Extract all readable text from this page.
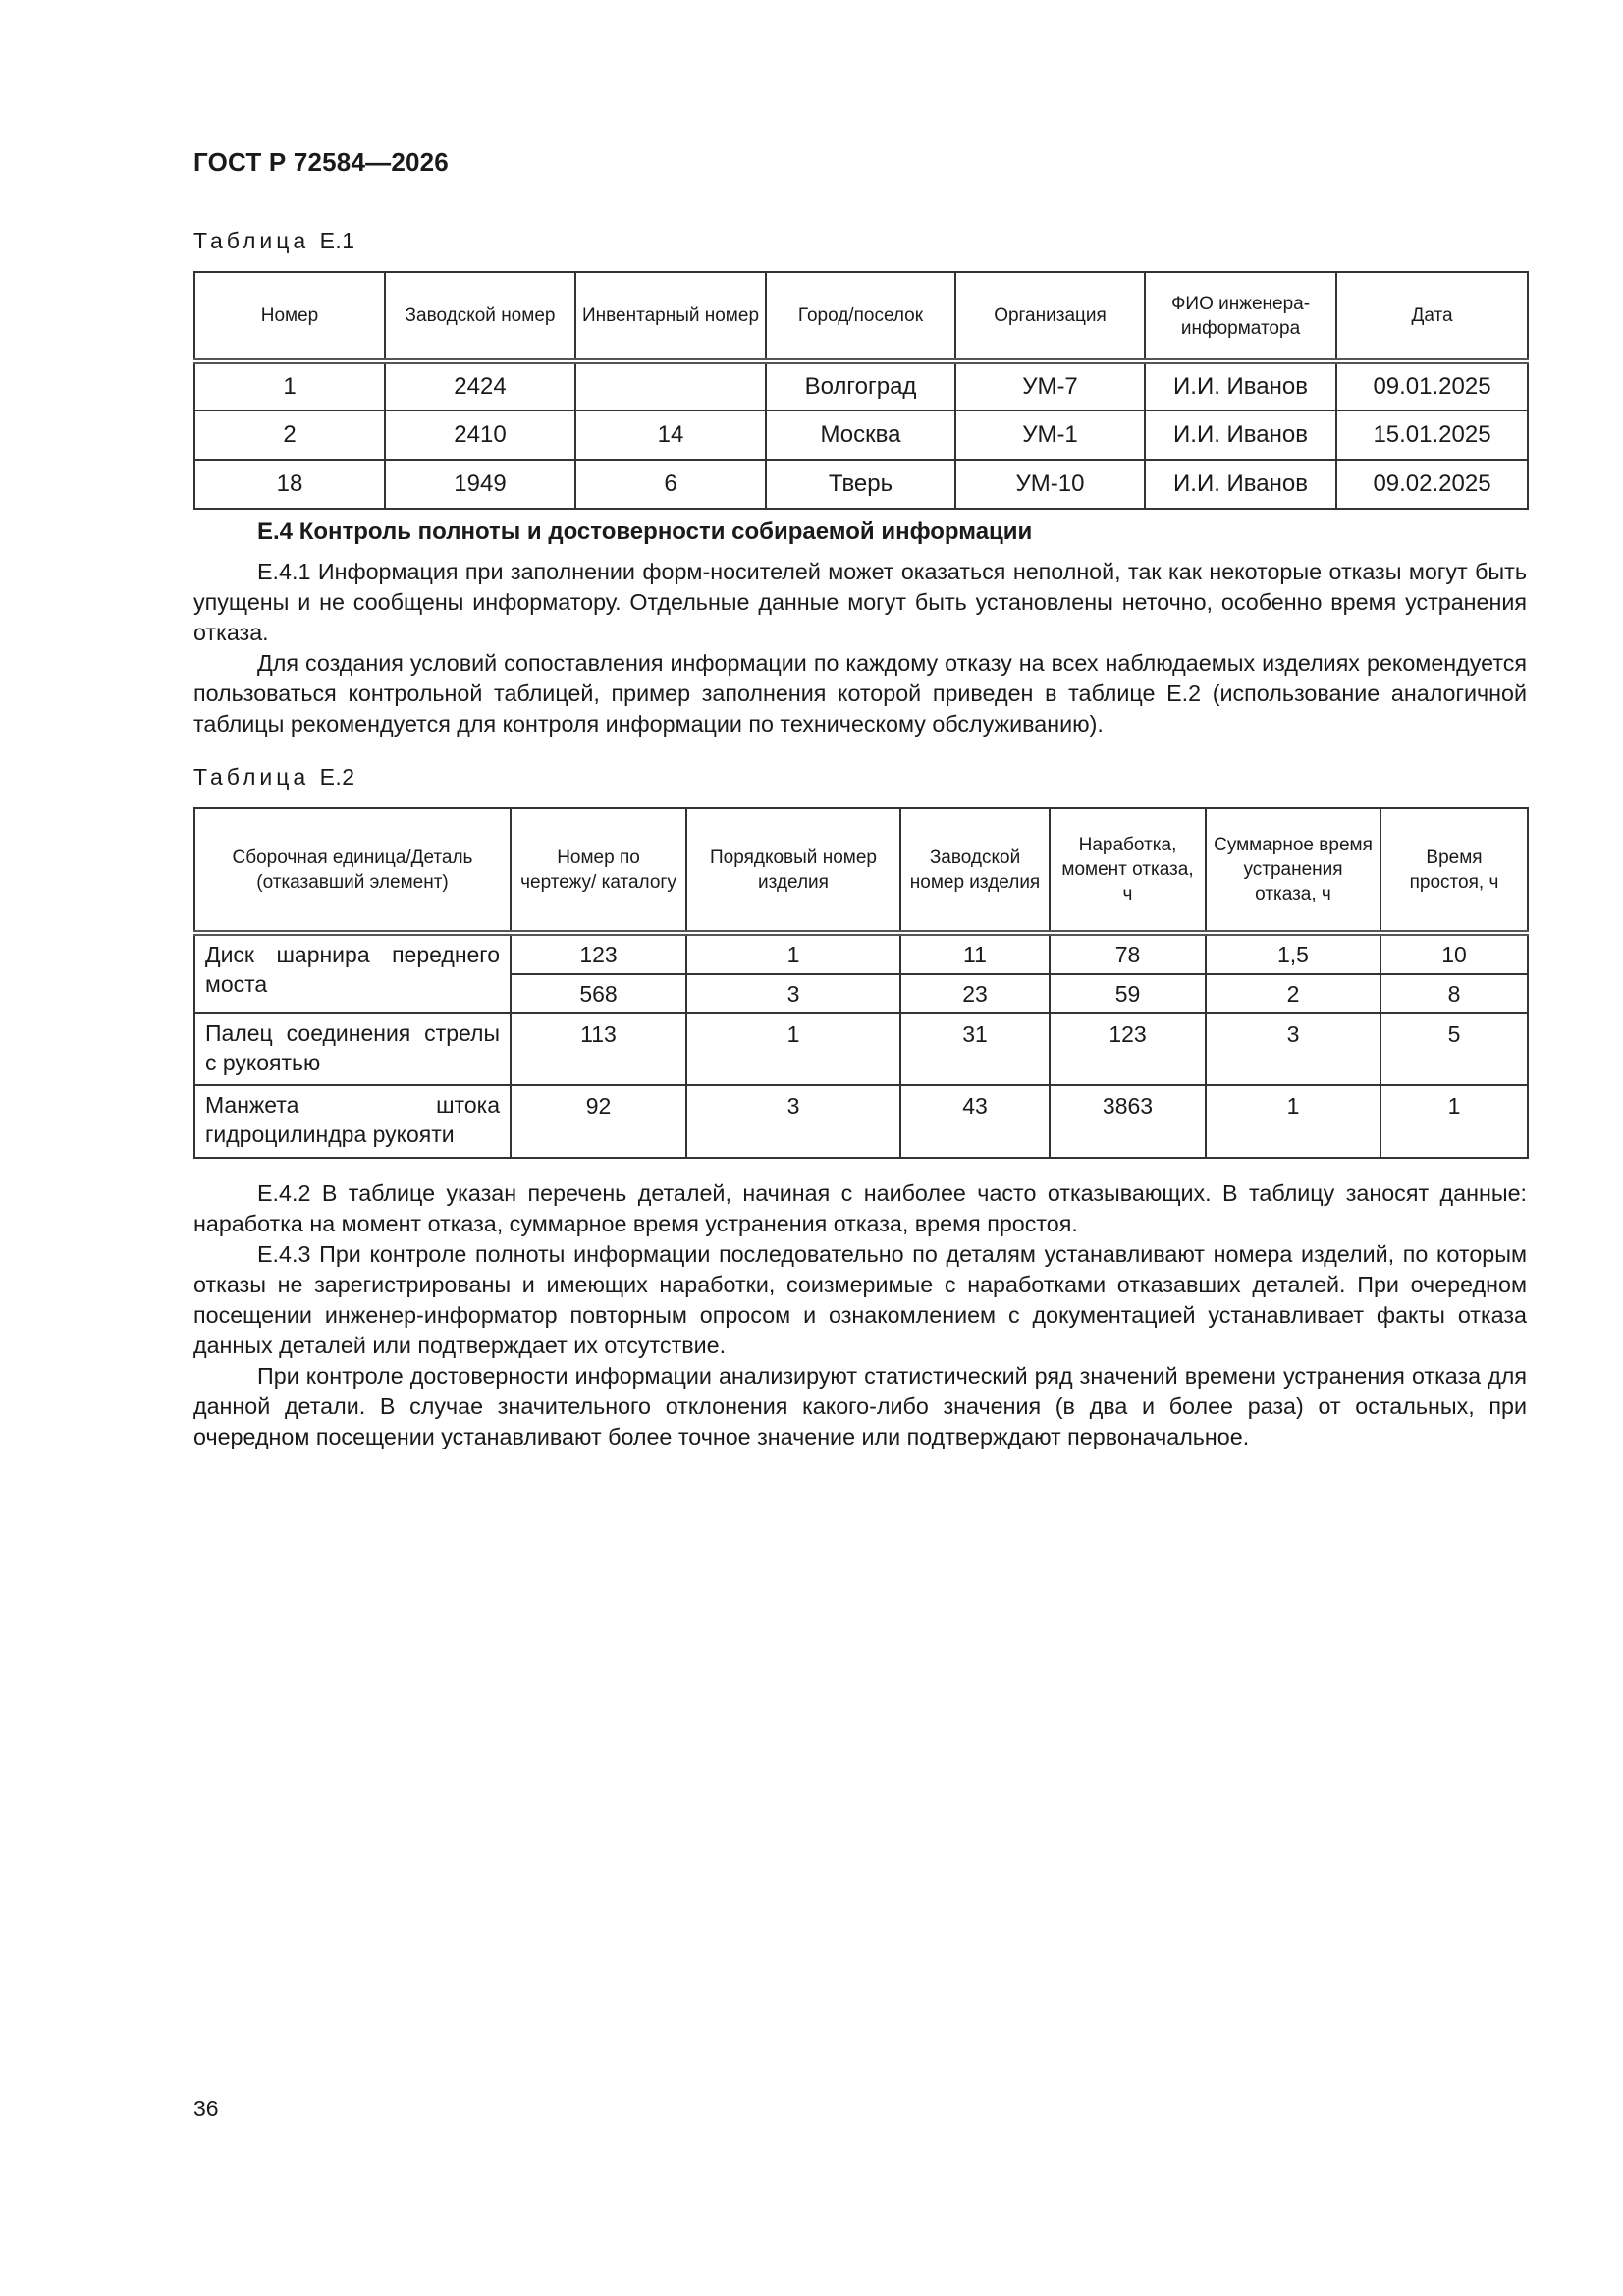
ГОСТ Р 72584—2026
Таблица Е.1
Номер	Заводской номер	Инвентарный номер	Город/поселок	Организация	ФИО инженера-информатора	Дата
1	2424		Волгоград	УМ-7	И.И. Иванов	09.01.2025
2	2410	14	Москва	УМ-1	И.И. Иванов	15.01.2025
18	1949	6	Тверь	УМ-10	И.И. Иванов	09.02.2025
Е.4 Контроль полноты и достоверности собираемой информации

Е.4.1 Информация при заполнении форм-носителей может оказаться неполной, так как некоторые отказы могут быть упущены и не сообщены информатору. Отдельные данные могут быть установлены неточно, особенно время устранения отказа.

Для создания условий сопоставления информации по каждому отказу на всех наблюдаемых изделиях рекомендуется пользоваться контрольной таблицей, пример заполнения которой приведен в таблице Е.2 (использование аналогичной таблицы рекомендуется для контроля информации по техническому обслуживанию).

Таблица Е.2
Сборочная единица/Деталь (отказавший элемент)	Номер по чертежу/ каталогу	Порядковый номер изделия	Заводской номер изделия	Наработка, момент отказа, ч	Суммарное время устранения отказа, ч	Время простоя, ч
Диск шарнира переднего моста	123	1	11	78	1,5	10
	568	3	23	59	2	8
Палец соединения стрелы с рукоятью	113	1	31	123	3	5
Манжета штока гидроцилиндра рукояти	92	3	43	3863	1	1

Е.4.2 В таблице указан перечень деталей, начиная с наиболее часто отказывающих. В таблицу заносят данные: наработка на момент отказа, суммарное время устранения отказа, время простоя.

Е.4.3 При контроле полноты информации последовательно по деталям устанавливают номера изделий, по которым отказы не зарегистрированы и имеющих наработки, соизмеримые с наработками отказавших деталей. При очередном посещении инженер-информатор повторным опросом и ознакомлением с документацией устанавливает факты отказа данных деталей или подтверждает их отсутствие.

При контроле достоверности информации анализируют статистический ряд значений времени устранения отказа для данной детали. В случае значительного отклонения какого-либо значения (в два и более раза) от остальных, при очередном посещении устанавливают более точное значение или подтверждают первоначальное.

36
